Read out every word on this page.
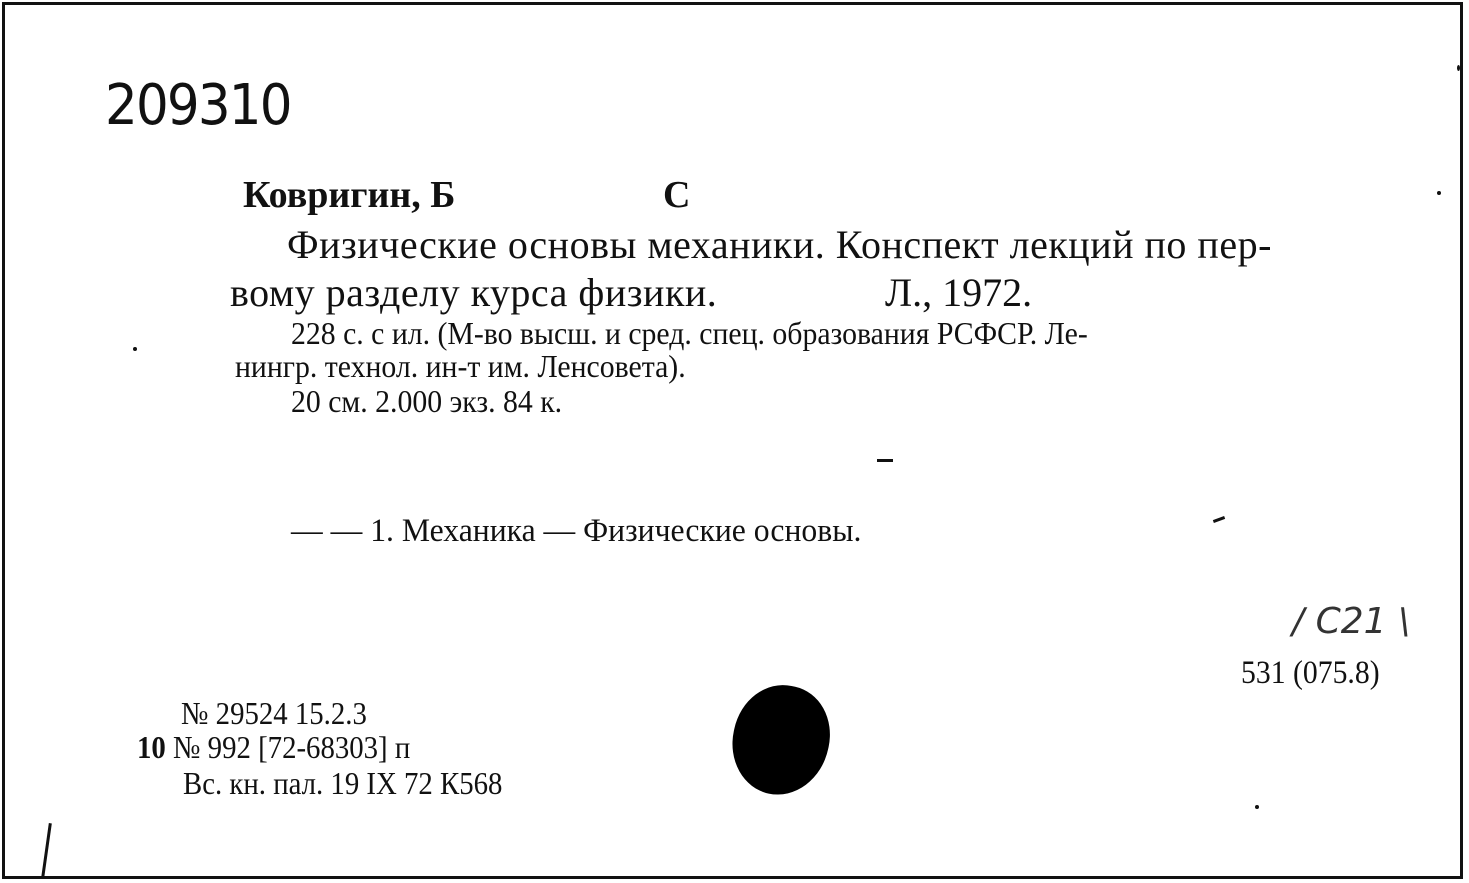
209310
Ковригин, Б	С
Физические основы механики. Конспект лекций по пер-
вому разделу курса физики.	Л., 1972.
228 с. с ил. (М-во высш. и сред. спец. образования РСФСР. Ле-
нингр. технол. ин-т им. Ленсовета).
20 см. 2.000 экз. 84 к.
— — 1. Механика — Физические основы.
/ С21 \
531 (075.8)
№ 29524 15.2.3
10 № 992 [72-68303] п
Вс. кн. пал. 19 IX 72 К568
